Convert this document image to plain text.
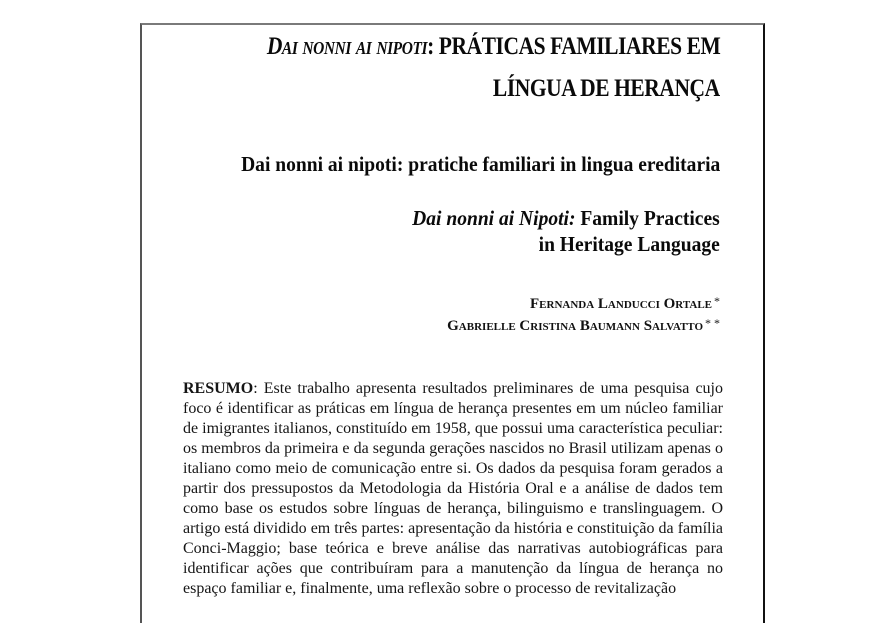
Dai nonni ai nipoti: PRÁTICAS FAMILIARES EM
LÍNGUA DE HERANÇA
Dai nonni ai nipoti: pratiche familiari in lingua ereditaria
Dai nonni ai Nipoti: Family Practices
in Heritage Language
Fernanda Landucci Ortale *
Gabrielle Cristina Baumann Salvatto * *
RESUMO: Este trabalho apresenta resultados preliminares de uma pesquisa cujo foco é identificar as práticas em língua de herança presentes em um núcleo familiar de imigrantes italianos, constituído em 1958, que possui uma característica peculiar: os membros da primeira e da segunda gerações nascidos no Brasil utilizam apenas o italiano como meio de comunicação entre si. Os dados da pesquisa foram gerados a partir dos pressupostos da Metodologia da História Oral e a análise de dados tem como base os estudos sobre línguas de herança, bilinguismo e translinguagem. O artigo está dividido em três partes: apresentação da história e constituição da família Conci-Maggio; base teórica e breve análise das narrativas autobiográficas para identificar ações que contribuíram para a manutenção da língua de herança no espaço familiar e, finalmente, uma reflexão sobre o processo de revitalização
